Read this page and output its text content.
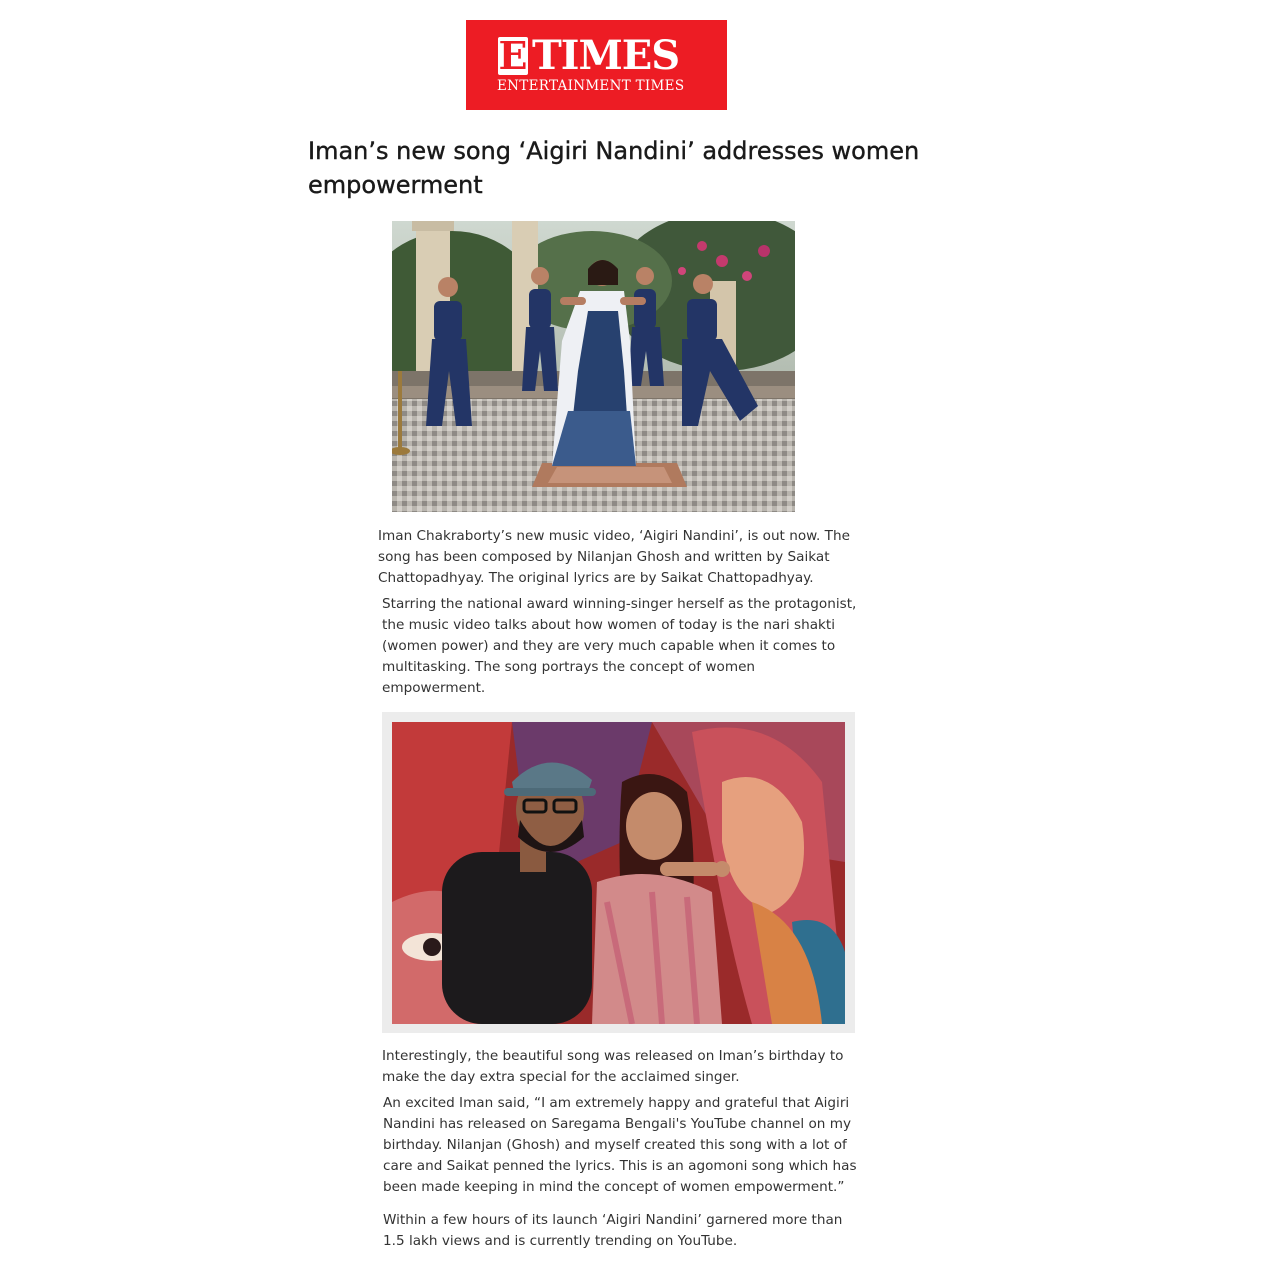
E TIMES
ENTERTAINMENT TIMES
Iman’s new song ‘Aigiri Nandini’ addresses women empowerment

Iman Chakraborty’s new music video, ‘Aigiri Nandini’, is out now. The song has been composed by Nilanjan Ghosh and written by Saikat Chattopadhyay. The original lyrics are by Saikat Chattopadhyay.

Starring the national award winning-singer herself as the protagonist, the music video talks about how women of today is the nari shakti (women power) and they are very much capable when it comes to multitasking. The song portrays the concept of women empowerment.

Interestingly, the beautiful song was released on Iman’s birthday to make the day extra special for the acclaimed singer.

An excited Iman said, “I am extremely happy and grateful that Aigiri Nandini has released on Saregama Bengali's YouTube channel on my birthday. Nilanjan (Ghosh) and myself created this song with a lot of care and Saikat penned the lyrics. This is an agomoni song which has been made keeping in mind the concept of women empowerment.”

Within a few hours of its launch ‘Aigiri Nandini’ garnered more than 1.5 lakh views and is currently trending on YouTube.
